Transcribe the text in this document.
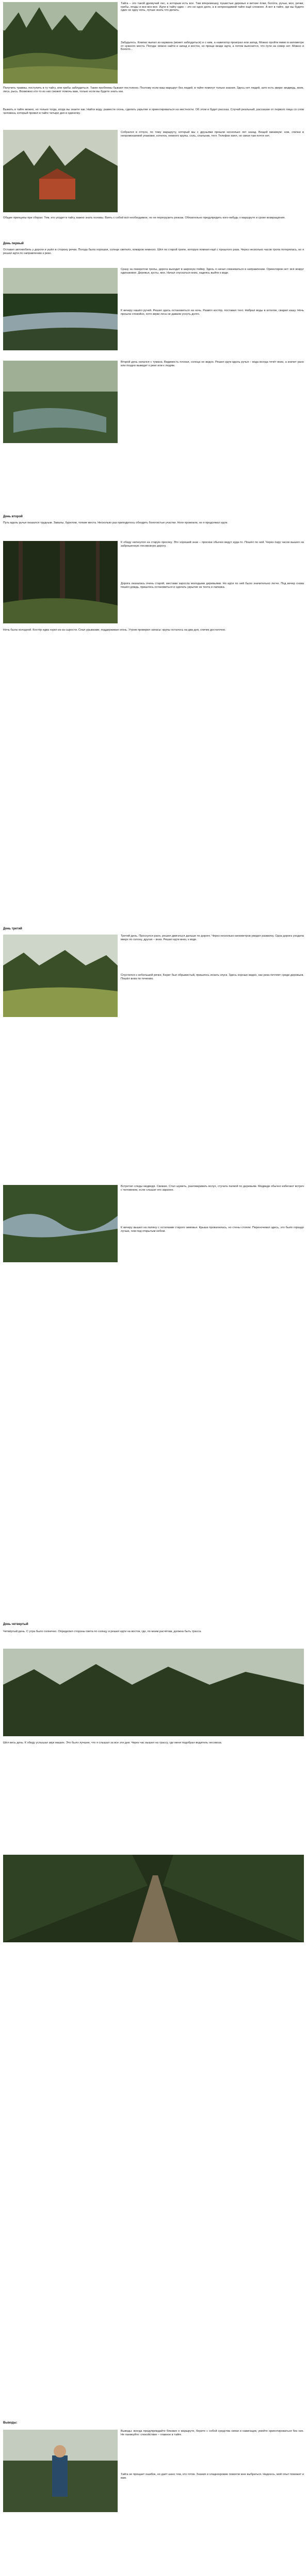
Тайга – это такой дремучий лес, а которым есть все. Там вперемешку, пушистые деревья и ветхие ёлки, болота, ручьи, мох, речки, грибы, ягоды и все-все-все. Идти в тайгу один – это не одно дело, а в непроходимой тайге ещё сложнее. А вот в тайге, где вы будете один не одну ночь, лучше знать что делать.
Забудьтесь. Компас выпал из кармана (может заблудиться) и с ним, а навигатор проиграл ели запад. Можно пройти мимо в километре от нужного места. Погода: можно найти и запад и восток, но проще везде идти, а потом выяснится, что пути на север нет. Можно и Болото...
Получить травмы, поступить в ту тайгу, или грибы заблудиться. Такие проблемы бывают постоянно. Поэтому если ваш маршрут без людей, в тайге помогут только знания. Здесь нет людей, зато есть звери: медведь, волк, лиса, рысь. Возможно кто-то из них сможет помочь вам, только если вы будете знать как.
Выжить в тайге можно, но только тогда, когда вы знаете как. Найти воду, развести огонь, сделать укрытие и ориентироваться на местности. Об этом и будет рассказ. Случай реальный, рассказан от первого лица со слов человека, который провел в тайге четыре дня в одиночку.
Собрался в отпуск, по тому маршруту, который мы с друзьями прошли несколько лет назад. Вещей минимум: нож, спички в непромокаемой упаковке, котелок, немного крупы, соль, спальник, тент. Телефон взял, но связи там почти нет.
Общие принципы при сборах: Тем, кто уходит в тайгу, важно знать основы. Взять с собой всё необходимое, но не перегрузить рюкзак. Обязательно предупредить кого-нибудь о маршруте и сроке возвращения.
День первый
Оставил автомобиль у дороги и ушёл в сторону речки. Погода была хорошая, солнце светило, комаров немного. Шёл по старой тропе, которую помнил ещё с прошлого раза. Через несколько часов тропа потерялась, но я решил идти по направлению к реке.
Сразу за поворотом тропы, дорога выходит в широкую пойму. Здесь я начал сомневаться в направлении. Ориентиров нет: всё вокруг одинаковое. Деревья, кусты, мох. Начал спускаться вниз, надеясь выйти к воде.
К вечеру нашёл ручей. Решил здесь остановиться на ночь. Развёл костёр, поставил тент. Набрал воды в котелок, сварил кашу. Ночь прошла спокойно, хотя звуки леса не давали уснуть долго.
Второй день начался с тумана. Видимость плохая, солнца не видно. Решил идти вдоль ручья – вода всегда течёт вниз, а значит рано или поздно выведет к реке или к людям.
День второй
Путь вдоль ручья оказался трудным. Завалы, бурелом, топкие места. Несколько раз приходилось обходить болотистые участки. Ноги промокли, но я продолжал идти.
К обеду наткнулся на старую просеку. Это хороший знак – просеки обычно ведут куда-то. Пошёл по ней. Через пару часов вышел на заброшенную лесовозную дорогу.
Дорога оказалась очень старой, местами заросла молодыми деревьями. Но идти по ней было значительно легче. Под вечер снова пошёл дождь, пришлось остановиться и сделать укрытие из тента и лапника.
Ночь была холодной. Костёр едва горел из-за сырости. Спал урывками, поддерживая огонь. Утром проверил запасы: крупы осталось на два дня, спичек достаточно.
День третий
Третий день. Проснулся рано, решил двигаться дальше по дороге. Через несколько километров увидел развилку. Одна дорога уходила вверх по склону, другая – вниз. Решил идти вниз, к воде.
Спустился к небольшой речке. Берег был обрывистый, пришлось искать спуск. Здесь хорошо видно, как река петляет среди деревьев. Пошёл вниз по течению.
Встретил следы медведя. Свежие. Стал шуметь, разговаривать вслух, стучать палкой по деревьям. Медведи обычно избегают встреч с человеком, если слышат его заранее.
К вечеру вышел на поляну с остатками старого зимовья. Крыша провалилась, но стены стояли. Переночевал здесь, это было гораздо лучше, чем под открытым небом.
День четвертый
Четвёртый день. С утра было солнечно. Определил стороны света по солнцу и решил идти на восток, где, по моим расчётам, должна быть трасса.
Шёл весь день. К обеду услышал звук машин. Это было лучшее, что я слышал за все эти дни. Через час вышел на трассу, где меня подобрал водитель лесовоза.
Выводы:
Выводы: всегда предупреждайте близких о маршруте, берите с собой средства связи и навигации, умейте ориентироваться без них. Не паникуйте: спокойствие – главное в тайге.
Тайга не прощает ошибок, но даёт шанс тем, кто готов. Знания и хладнокровие помогли мне выбраться. Надеюсь, мой опыт поможет и вам.
